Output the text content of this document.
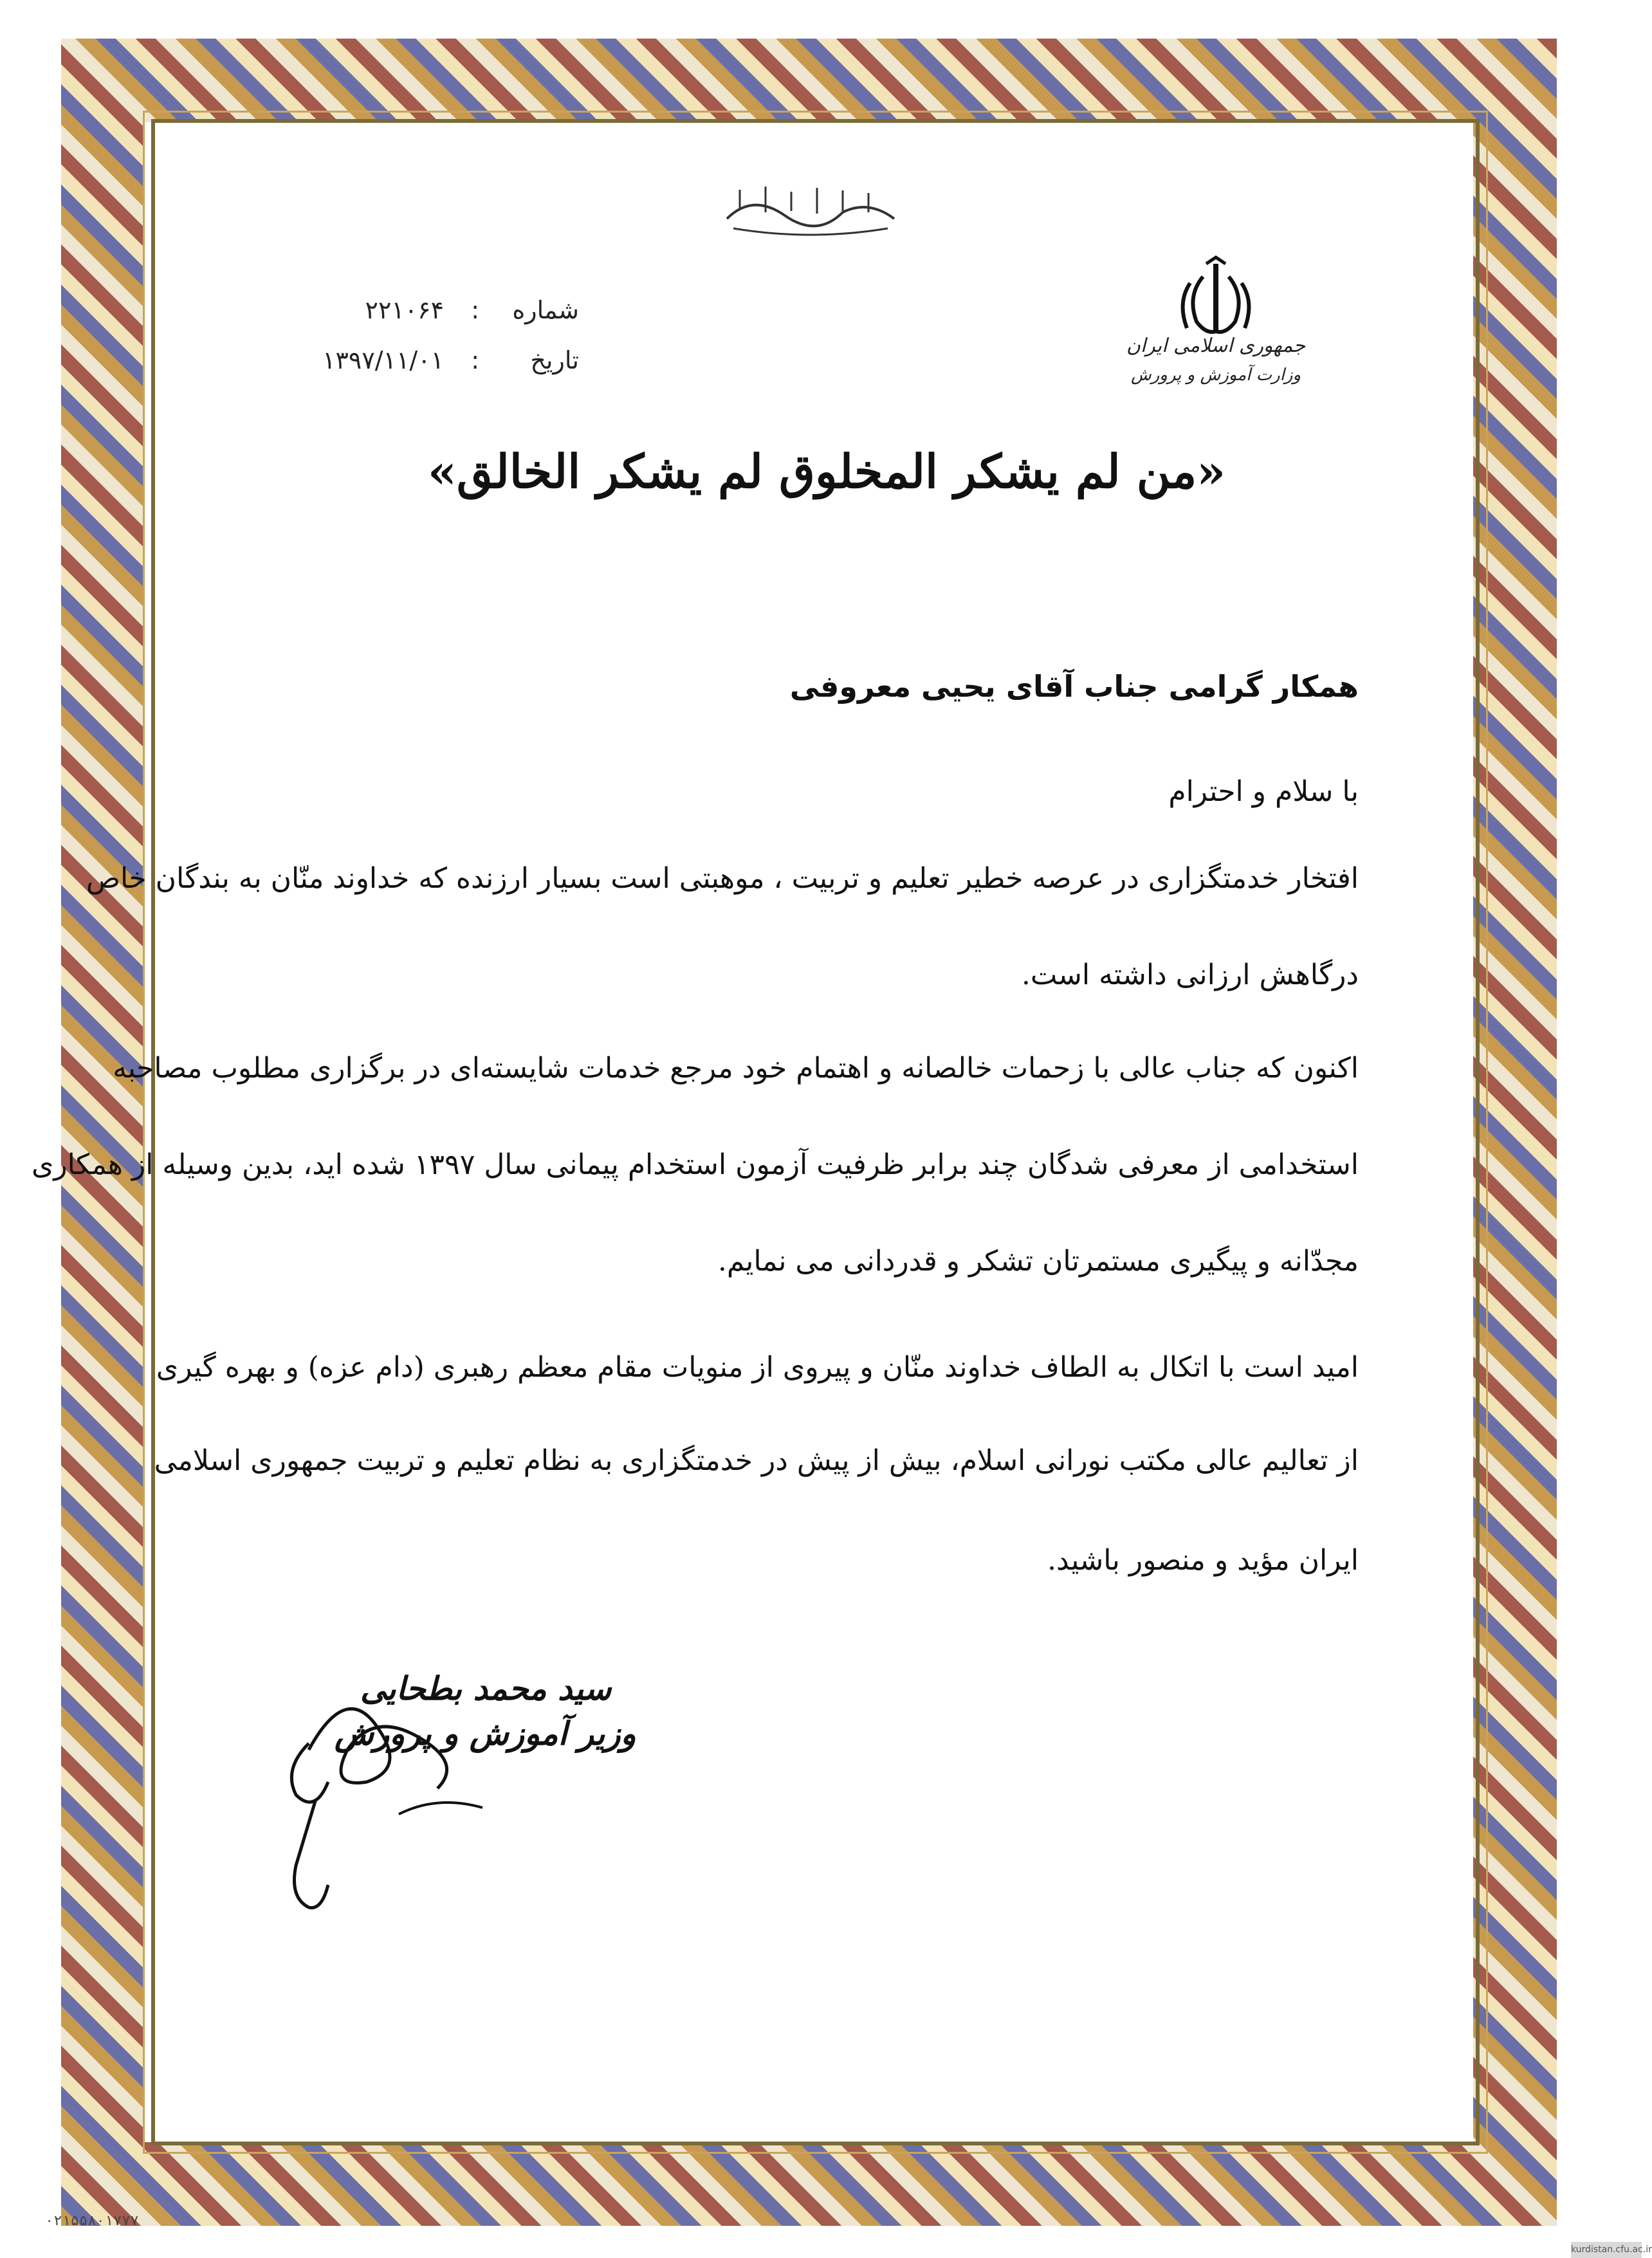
بسم الله الرحمن الرحیم
جمهوری اسلامی ایران
وزارت آموزش و پرورش
شماره
:
۲۲۱۰۶۴
تاریخ
:
۱۳۹۷/۱۱/۰۱
«من لم یشکر المخلوق لم یشکر الخالق»
همکار گرامی جناب آقای یحیی معروفی
با سلام و احترام
افتخار خدمتگزاری در عرصه خطیر تعلیم و تربیت ، موهبتی است بسیار ارزنده که خداوند منّان به بندگان خاص
درگاهش ارزانی داشته است.
اکنون که جناب عالی با زحمات خالصانه و اهتمام خود مرجع خدمات شایسته‌ای در برگزاری مطلوب مصاحبه
استخدامی از معرفی شدگان چند برابر ظرفیت آزمون استخدام پیمانی سال ۱۳۹۷ شده اید، بدین وسیله از همکاری
مجدّانه و پیگیری مستمرتان تشکر و قدردانی می نمایم.
امید است با اتکال به الطاف خداوند منّان و پیروی از منویات مقام معظم رهبری (دام عزه) و بهره گیری
از تعالیم عالی مکتب نورانی اسلام، بیش از پیش در خدمتگزاری به نظام تعلیم و تربیت جمهوری اسلامی
ایران مؤید و منصور باشید.
سید محمد بطحایی
وزیر آموزش و پرورش
۰۲۱۵۵۸۰۱۷۷۷
kurdistan.cfu.ac.ir
